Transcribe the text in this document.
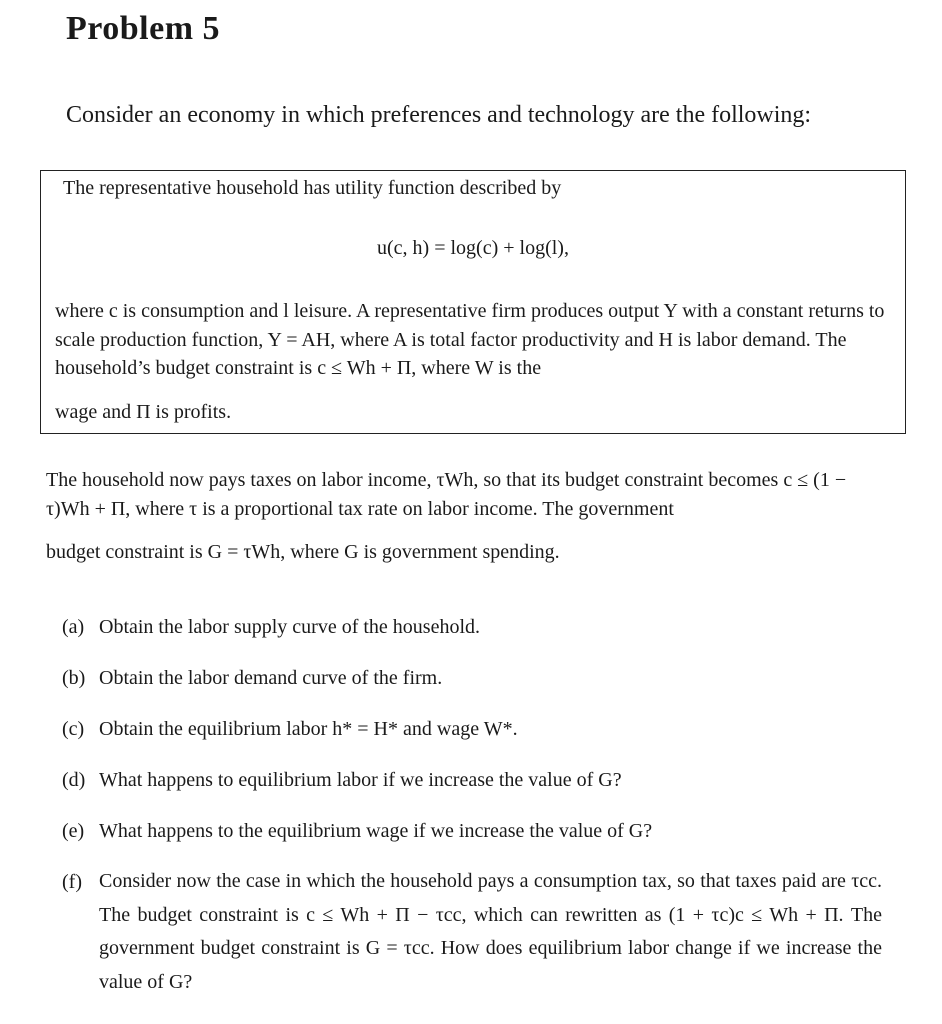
Problem 5
Consider an economy in which preferences and technology are the following:
The representative household has utility function described by
u(c, h) = log(c) + log(l),
where c is consumption and l leisure. A representative firm produces output Y with a constant returns to scale production function, Y = AH, where A is total factor productivity and H is labor demand. The household’s budget constraint is c ≤ Wh + Π, where W is the
wage and Π is profits.
The household now pays taxes on labor income, τWh, so that its budget constraint becomes c ≤ (1 − τ)Wh + Π, where τ is a proportional tax rate on labor income. The government
budget constraint is G = τWh, where G is government spending.
(a) Obtain the labor supply curve of the household.
(b) Obtain the labor demand curve of the firm.
(c) Obtain the equilibrium labor h* = H* and wage W*.
(d) What happens to equilibrium labor if we increase the value of G?
(e) What happens to the equilibrium wage if we increase the value of G?
(f) Consider now the case in which the household pays a consumption tax, so that taxes paid are τcc. The budget constraint is c ≤ Wh + Π − τcc, which can rewritten as (1 + τc)c ≤ Wh + Π. The government budget constraint is G = τcc. How does equilibrium labor change if we increase the value of G?
